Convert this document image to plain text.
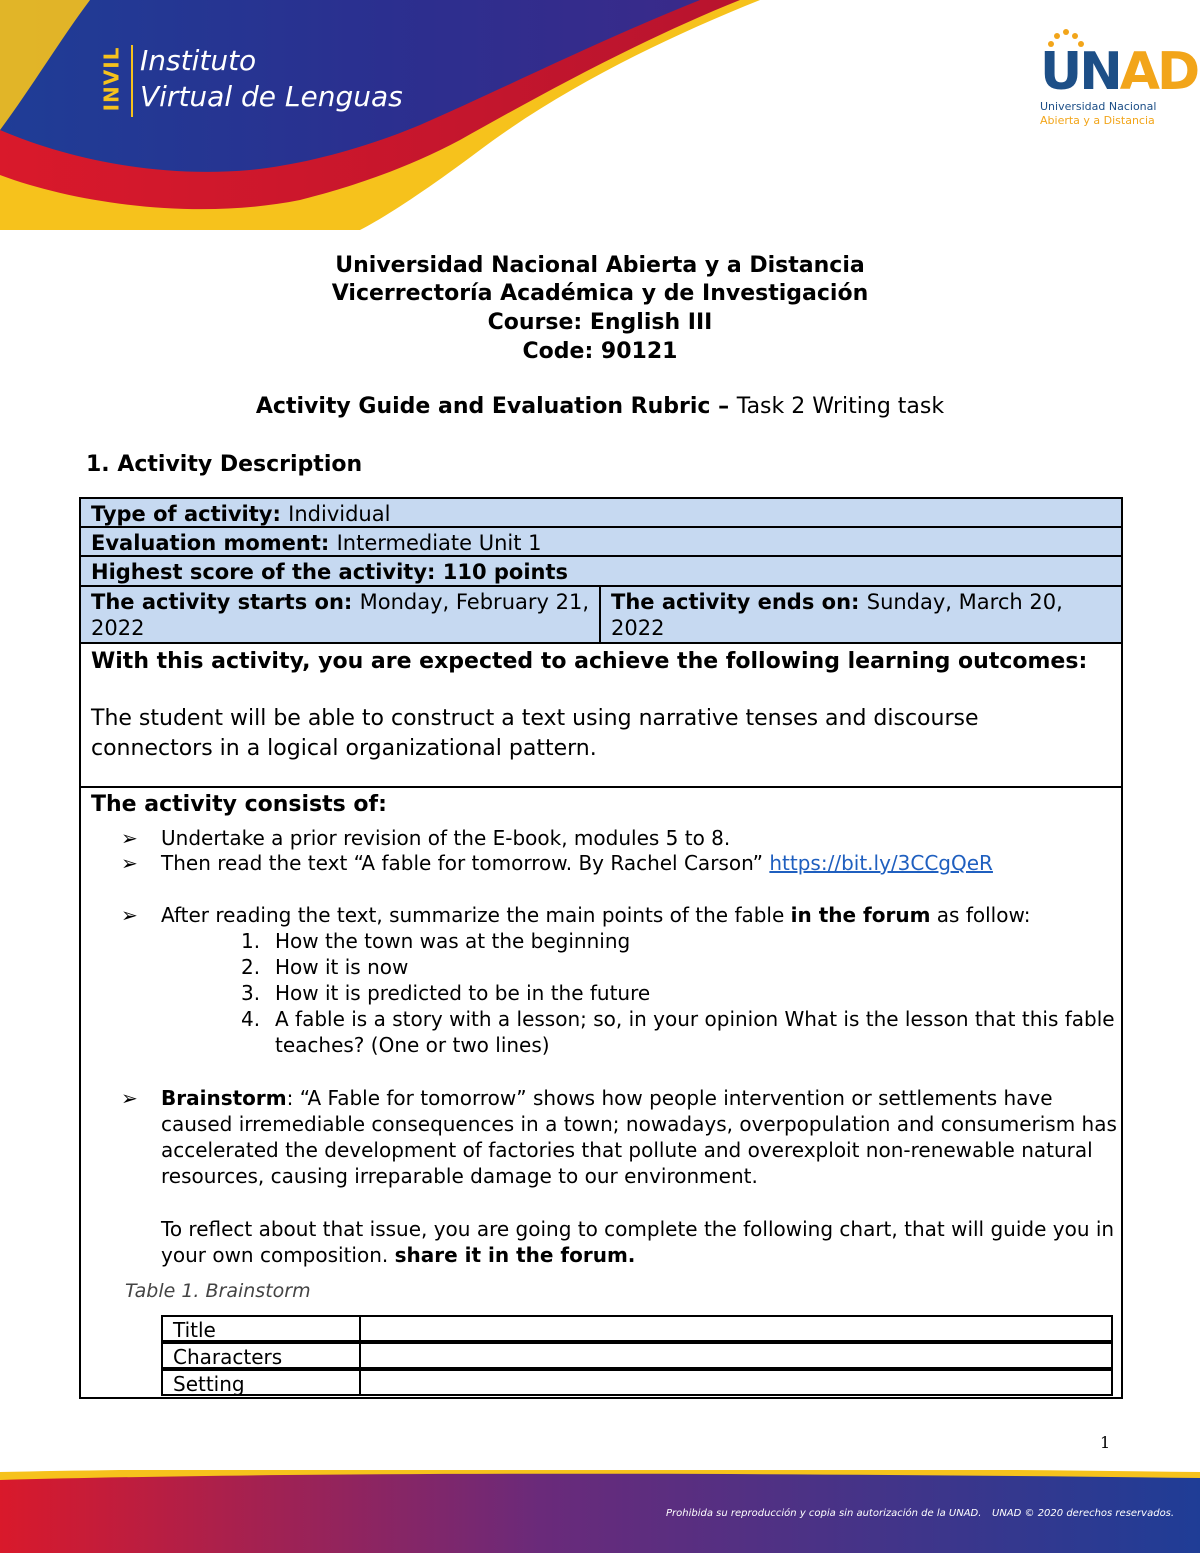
INVIL Instituto
Virtual de Lenguas	UNAD
Universidad Nacional
Abierta y a Distancia
Universidad Nacional Abierta y a Distancia
Vicerrectoría Académica y de Investigación
Course: English III
Code: 90121
Activity Guide and Evaluation Rubric – Task 2 Writing task
1. Activity Description
Type of activity: Individual
Evaluation moment: Intermediate Unit 1
Highest score of the activity: 110 points
The activity starts on: Monday, February 21, 2022
The activity ends on: Sunday, March 20, 2022
With this activity, you are expected to achieve the following learning outcomes:
The student will be able to construct a text using narrative tenses and discourse connectors in a logical organizational pattern.
The activity consists of:
➢ Undertake a prior revision of the E-book, modules 5 to 8.
➢ Then read the text “A fable for tomorrow. By Rachel Carson” https://bit.ly/3CCgQeR
➢ After reading the text, summarize the main points of the fable in the forum as follow:
1. How the town was at the beginning
2. How it is now
3. How it is predicted to be in the future
4. A fable is a story with a lesson; so, in your opinion What is the lesson that this fable teaches? (One or two lines)
➢ Brainstorm: “A Fable for tomorrow” shows how people intervention or settlements have caused irremediable consequences in a town; nowadays, overpopulation and consumerism has accelerated the development of factories that pollute and overexploit non-renewable natural resources, causing irreparable damage to our environment.
To reflect about that issue, you are going to complete the following chart, that will guide you in your own composition. share it in the forum.
Table 1. Brainstorm
Title
Characters
Setting
1
Prohibida su reproducción y copia sin autorización de la UNAD. UNAD © 2020 derechos reservados.
